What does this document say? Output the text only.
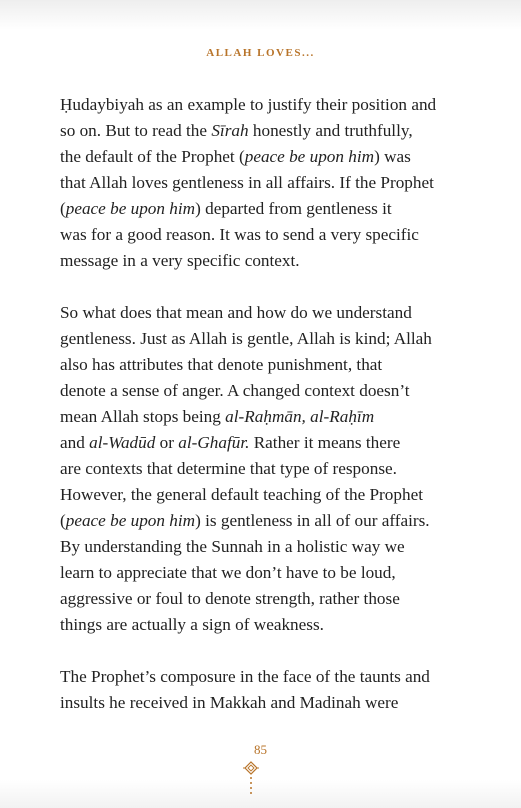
ALLAH LOVES...
Ḥudaybiyah as an example to justify their position and
so on. But to read the Sīrah honestly and truthfully,
the default of the Prophet (peace be upon him) was
that Allah loves gentleness in all affairs. If the Prophet
(peace be upon him) departed from gentleness it
was for a good reason. It was to send a very specific
message in a very specific context.
So what does that mean and how do we understand
gentleness. Just as Allah is gentle, Allah is kind; Allah
also has attributes that denote punishment, that
denote a sense of anger. A changed context doesn’t
mean Allah stops being al-Raḥmān, al-Raḥīm
and al-Wadūd or al-Ghafūr. Rather it means there
are contexts that determine that type of response.
However, the general default teaching of the Prophet
(peace be upon him) is gentleness in all of our affairs.
By understanding the Sunnah in a holistic way we
learn to appreciate that we don’t have to be loud,
aggressive or foul to denote strength, rather those
things are actually a sign of weakness.
The Prophet’s composure in the face of the taunts and
insults he received in Makkah and Madinah were
85
